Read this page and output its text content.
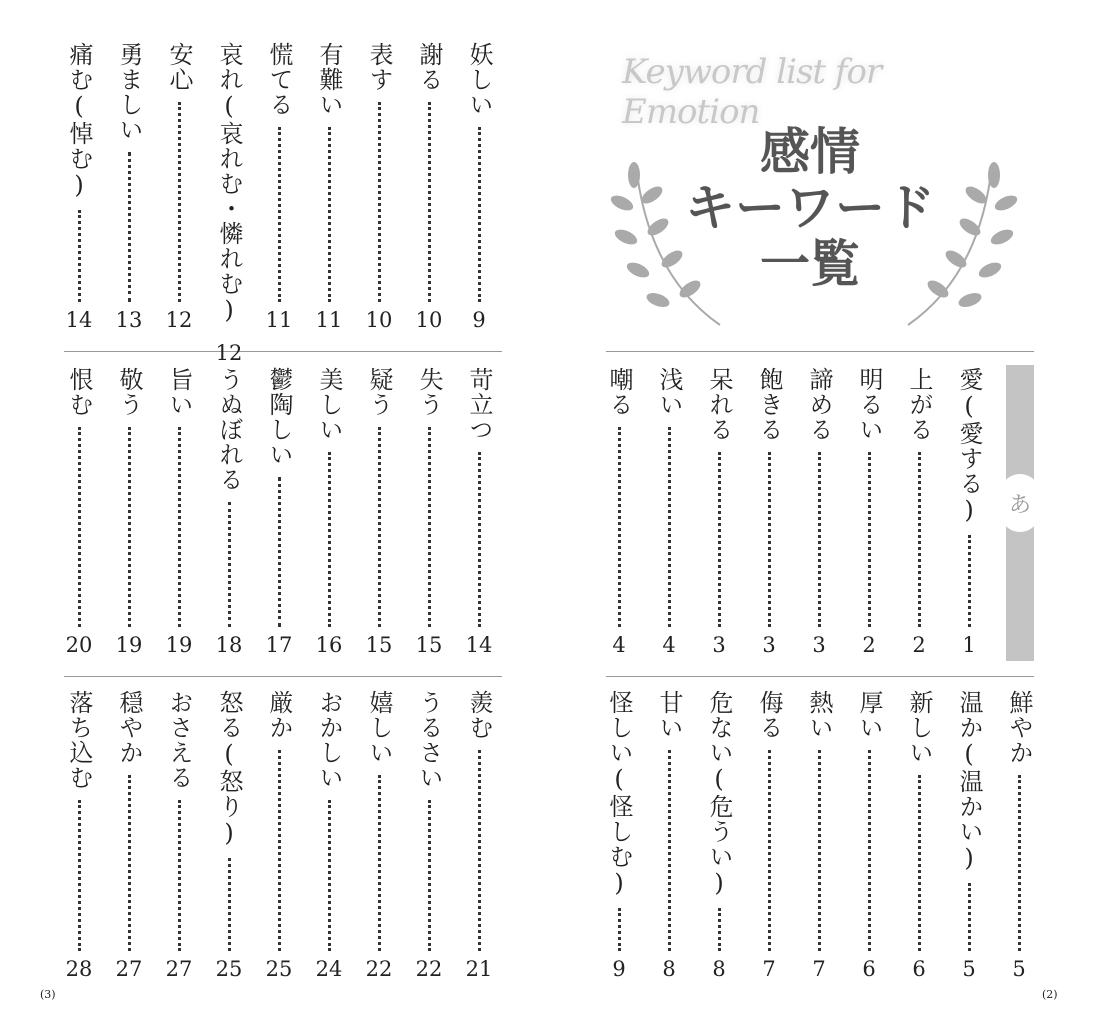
Keyword list for Emotion
感情
キーワード
一覧
あ
(3)	(2)
愛(愛する)
1
上がる
2
明るい
2
諦める
3
飽きる
3
呆れる
3
浅い
4
嘲る
4
鮮やか
5
温か(温かい)
5
新しい
6
厚い
6
熱い
7
侮る
7
危ない(危うい)
8
甘い
8
怪しい(怪しむ)
9
妖しい
9
謝る
10
表す
10
有難い
11
慌てる
11
哀れ(哀れむ・憐れむ)
12
安心
12
勇ましい
13
痛む(悼む)
14
苛立つ
14
失う
15
疑う
15
美しい
16
鬱陶しい
17
うぬぼれる
18
旨い
19
敬う
19
恨む
20
羨む
21
うるさい
22
嬉しい
22
おかしい
24
厳か
25
怒る(怒り)
25
おさえる
27
穏やか
27
落ち込む
28
